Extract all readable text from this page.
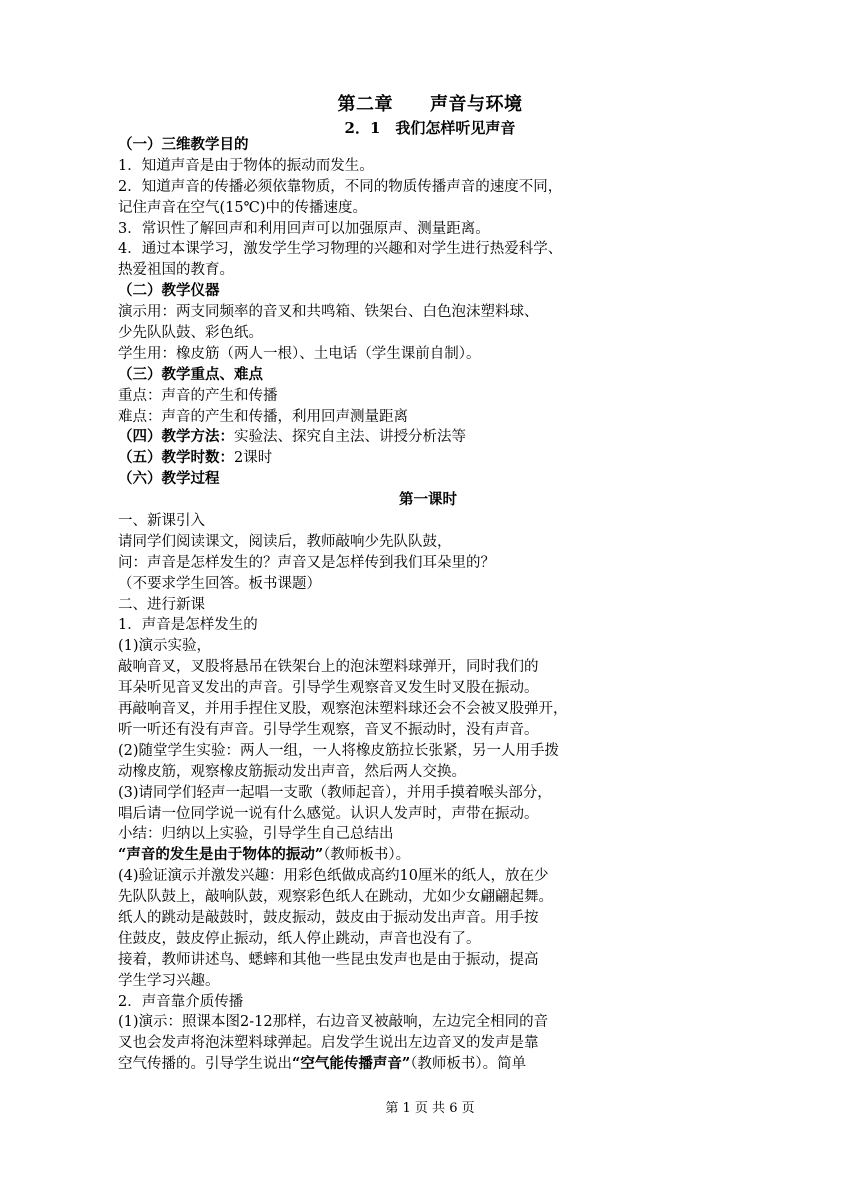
第二章　　声音与环境
2．1　我们怎样听见声音
（一）三维教学目的
1．知道声音是由于物体的振动而发生。
2．知道声音的传播必须依靠物质，不同的物质传播声音的速度不同，
记住声音在空气(15℃)中的传播速度。
3．常识性了解回声和利用回声可以加强原声、测量距离。
4．通过本课学习，激发学生学习物理的兴趣和对学生进行热爱科学、
热爱祖国的教育。
（二）教学仪器
演示用：两支同频率的音叉和共鸣箱、铁架台、白色泡沫塑料球、
少先队队鼓、彩色纸。
学生用：橡皮筋（两人一根）、土电话（学生课前自制）。
（三）教学重点、难点
重点：声音的产生和传播
难点：声音的产生和传播，利用回声测量距离
（四）教学方法：实验法、探究自主法、讲授分析法等
（五）教学时数：2课时
（六）教学过程
第一课时
一、新课引入
请同学们阅读课文，阅读后，教师敲响少先队队鼓，
问：声音是怎样发生的？声音又是怎样传到我们耳朵里的？
（不要求学生回答。板书课题）
二、进行新课
1．声音是怎样发生的
(1)演示实验，
敲响音叉，叉股将悬吊在铁架台上的泡沫塑料球弹开，同时我们的
耳朵听见音叉发出的声音。引导学生观察音叉发生时叉股在振动。
再敲响音叉，并用手捏住叉股，观察泡沫塑料球还会不会被叉股弹开，
听一听还有没有声音。引导学生观察，音叉不振动时，没有声音。
(2)随堂学生实验：两人一组，一人将橡皮筋拉长张紧，另一人用手拨
动橡皮筋，观察橡皮筋振动发出声音，然后两人交换。
(3)请同学们轻声一起唱一支歌（教师起音），并用手摸着喉头部分，
唱后请一位同学说一说有什么感觉。认识人发声时，声带在振动。
小结：归纳以上实验，引导学生自己总结出
“声音的发生是由于物体的振动”（教师板书）。
(4)验证演示并激发兴趣：用彩色纸做成高约10厘米的纸人，放在少
先队队鼓上，敲响队鼓，观察彩色纸人在跳动，尤如少女翩翩起舞。
纸人的跳动是敲鼓时，鼓皮振动，鼓皮由于振动发出声音。用手按
住鼓皮，鼓皮停止振动，纸人停止跳动，声音也没有了。
接着，教师讲述鸟、蟋蟀和其他一些昆虫发声也是由于振动，提高
学生学习兴趣。
2．声音靠介质传播
(1)演示：照课本图2-12那样，右边音叉被敲响，左边完全相同的音
叉也会发声将泡沫塑料球弹起。启发学生说出左边音叉的发声是靠
空气传播的。引导学生说出“空气能传播声音”（教师板书）。简单
第 1 页 共 6 页
